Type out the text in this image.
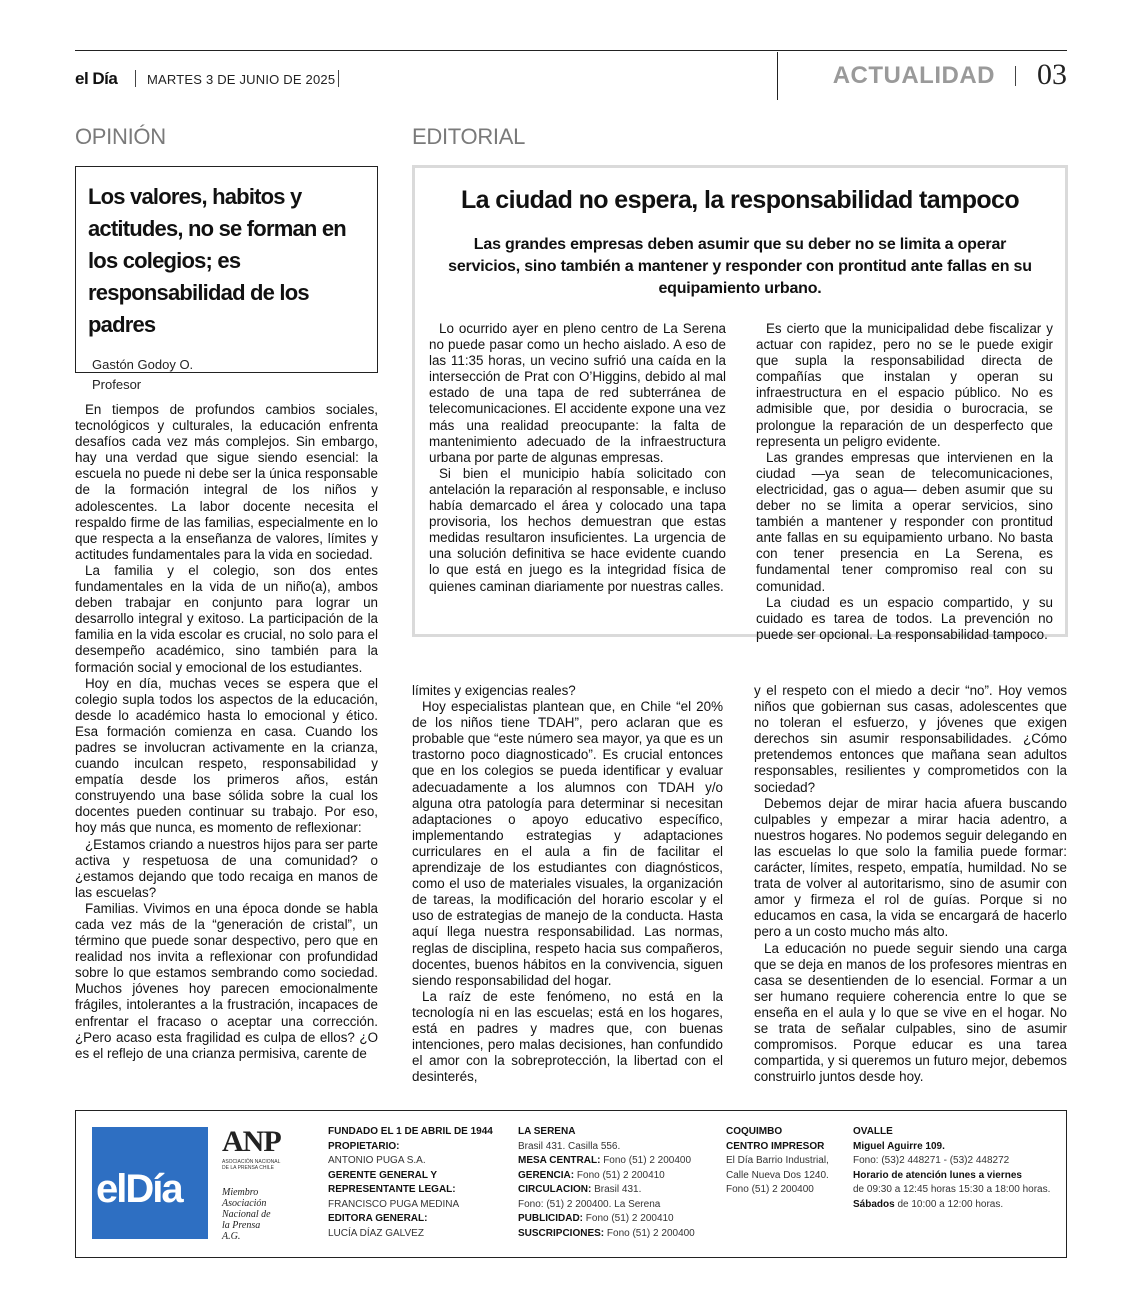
el Día MARTES 3 DE JUNIO DE 2025	ACTUALIDAD 03
OPINIÓN	EDITORIAL
Los valores, habitos y actitudes, no se forman en los colegios; es responsabilidad de los padres
Gastón Godoy O.
Profesor

En tiempos de profundos cambios sociales, tecnológicos y culturales, la educación enfrenta desafíos cada vez más complejos. Sin embargo, hay una verdad que sigue siendo esencial: la escuela no puede ni debe ser la única responsable de la formación integral de los niños y adolescentes. La labor docente necesita el respaldo firme de las familias, especialmente en lo que respecta a la enseñanza de valores, límites y actitudes fundamentales para la vida en sociedad.

La familia y el colegio, son dos entes fundamentales en la vida de un niño(a), ambos deben trabajar en conjunto para lograr un desarrollo integral y exitoso. La participación de la familia en la vida escolar es crucial, no solo para el desempeño académico, sino también para la formación social y emocional de los estudiantes.

Hoy en día, muchas veces se espera que el colegio supla todos los aspectos de la educación, desde lo académico hasta lo emocional y ético. Esa formación comienza en casa. Cuando los padres se involucran activamente en la crianza, cuando inculcan respeto, responsabilidad y empatía desde los primeros años, están construyendo una base sólida sobre la cual los docentes pueden continuar su trabajo. Por eso, hoy más que nunca, es momento de reflexionar:

¿Estamos criando a nuestros hijos para ser parte activa y respetuosa de una comunidad? o ¿estamos dejando que todo recaiga en manos de las escuelas?

Familias. Vivimos en una época donde se habla cada vez más de la “generación de cristal”, un término que puede sonar despectivo, pero que en realidad nos invita a reflexionar con profundidad sobre lo que estamos sembrando como sociedad. Muchos jóvenes hoy parecen emocionalmente frágiles, intolerantes a la frustración, incapaces de enfrentar el fracaso o aceptar una corrección. ¿Pero acaso esta fragilidad es culpa de ellos? ¿O es el reflejo de una crianza permisiva, carente de

La ciudad no espera, la responsabilidad tampoco
Las grandes empresas deben asumir que su deber no se limita a operar servicios, sino también a mantener y responder con prontitud ante fallas en su equipamiento urbano.

Lo ocurrido ayer en pleno centro de La Serena no puede pasar como un hecho aislado. A eso de las 11:35 horas, un vecino sufrió una caída en la intersección de Prat con O’Higgins, debido al mal estado de una tapa de red subterránea de telecomunicaciones. El accidente expone una vez más una realidad preocupante: la falta de mantenimiento adecuado de la infraestructura urbana por parte de algunas empresas.

Si bien el municipio había solicitado con antelación la reparación al responsable, e incluso había demarcado el área y colocado una tapa provisoria, los hechos demuestran que estas medidas resultaron insuficientes. La urgencia de una solución definitiva se hace evidente cuando lo que está en juego es la integridad física de quienes caminan diariamente por nuestras calles.

Es cierto que la municipalidad debe fiscalizar y actuar con rapidez, pero no se le puede exigir que supla la responsabilidad directa de compañías que instalan y operan su infraestructura en el espacio público. No es admisible que, por desidia o burocracia, se prolongue la reparación de un desperfecto que representa un peligro evidente.

Las grandes empresas que intervienen en la ciudad —ya sean de telecomunicaciones, electricidad, gas o agua— deben asumir que su deber no se limita a operar servicios, sino también a mantener y responder con prontitud ante fallas en su equipamiento urbano. No basta con tener presencia en La Serena, es fundamental tener compromiso real con su comunidad.

La ciudad es un espacio compartido, y su cuidado es tarea de todos. La prevención no puede ser opcional. La responsabilidad tampoco.

límites y exigencias reales?

Hoy especialistas plantean que, en Chile “el 20% de los niños tiene TDAH”, pero aclaran que es probable que “este número sea mayor, ya que es un trastorno poco diagnosticado”. Es crucial entonces que en los colegios se pueda identificar y evaluar adecuadamente a los alumnos con TDAH y/o alguna otra patología para determinar si necesitan adaptaciones o apoyo educativo específico, implementando estrategias y adaptaciones curriculares en el aula a fin de facilitar el aprendizaje de los estudiantes con diagnósticos, como el uso de materiales visuales, la organización de tareas, la modificación del horario escolar y el uso de estrategias de manejo de la conducta. Hasta aquí llega nuestra responsabilidad. Las normas, reglas de disciplina, respeto hacia sus compañeros, docentes, buenos hábitos en la convivencia, siguen siendo responsabilidad del hogar.

La raíz de este fenómeno, no está en la tecnología ni en las escuelas; está en los hogares, está en padres y madres que, con buenas intenciones, pero malas decisiones, han confundido el amor con la sobreprotección, la libertad con el desinterés,

y el respeto con el miedo a decir “no”. Hoy vemos niños que gobiernan sus casas, adolescentes que no toleran el esfuerzo, y jóvenes que exigen derechos sin asumir responsabilidades. ¿Cómo pretendemos entonces que mañana sean adultos responsables, resilientes y comprometidos con la sociedad?

Debemos dejar de mirar hacia afuera buscando culpables y empezar a mirar hacia adentro, a nuestros hogares. No podemos seguir delegando en las escuelas lo que solo la familia puede formar: carácter, límites, respeto, empatía, humildad. No se trata de volver al autoritarismo, sino de asumir con amor y firmeza el rol de guías. Porque si no educamos en casa, la vida se encargará de hacerlo pero a un costo mucho más alto.

La educación no puede seguir siendo una carga que se deja en manos de los profesores mientras en casa se desentienden de lo esencial. Formar a un ser humano requiere coherencia entre lo que se enseña en el aula y lo que se vive en el hogar. No se trata de señalar culpables, sino de asumir compromisos. Porque educar es una tarea compartida, y si queremos un futuro mejor, debemos construirlo juntos desde hoy.

elDía
ANP
ASOCIACIÓN NACIONAL DE LA PRENSA CHILE
Miembro
Asociación
Nacional de
la Prensa
A.G.
FUNDADO EL 1 DE ABRIL DE 1944
PROPIETARIO:
ANTONIO PUGA S.A.
GERENTE GENERAL Y
REPRESENTANTE LEGAL:
FRANCISCO PUGA MEDINA
EDITORA GENERAL:
LUCÍA DÍAZ GALVEZ
LA SERENA
Brasil 431. Casilla 556.
MESA CENTRAL: Fono (51) 2 200400
GERENCIA: Fono (51) 2 200410
CIRCULACION: Brasil 431.
Fono: (51) 2 200400. La Serena
PUBLICIDAD: Fono (51) 2 200410
SUSCRIPCIONES: Fono (51) 2 200400
COQUIMBO
CENTRO IMPRESOR
El Día Barrio Industrial,
Calle Nueva Dos 1240.
Fono (51) 2 200400
OVALLE
Miguel Aguirre 109.
Fono: (53)2 448271 - (53)2 448272
Horario de atención lunes a viernes
de 09:30 a 12:45 horas 15:30 a 18:00 horas.
Sábados de 10:00 a 12:00 horas.
